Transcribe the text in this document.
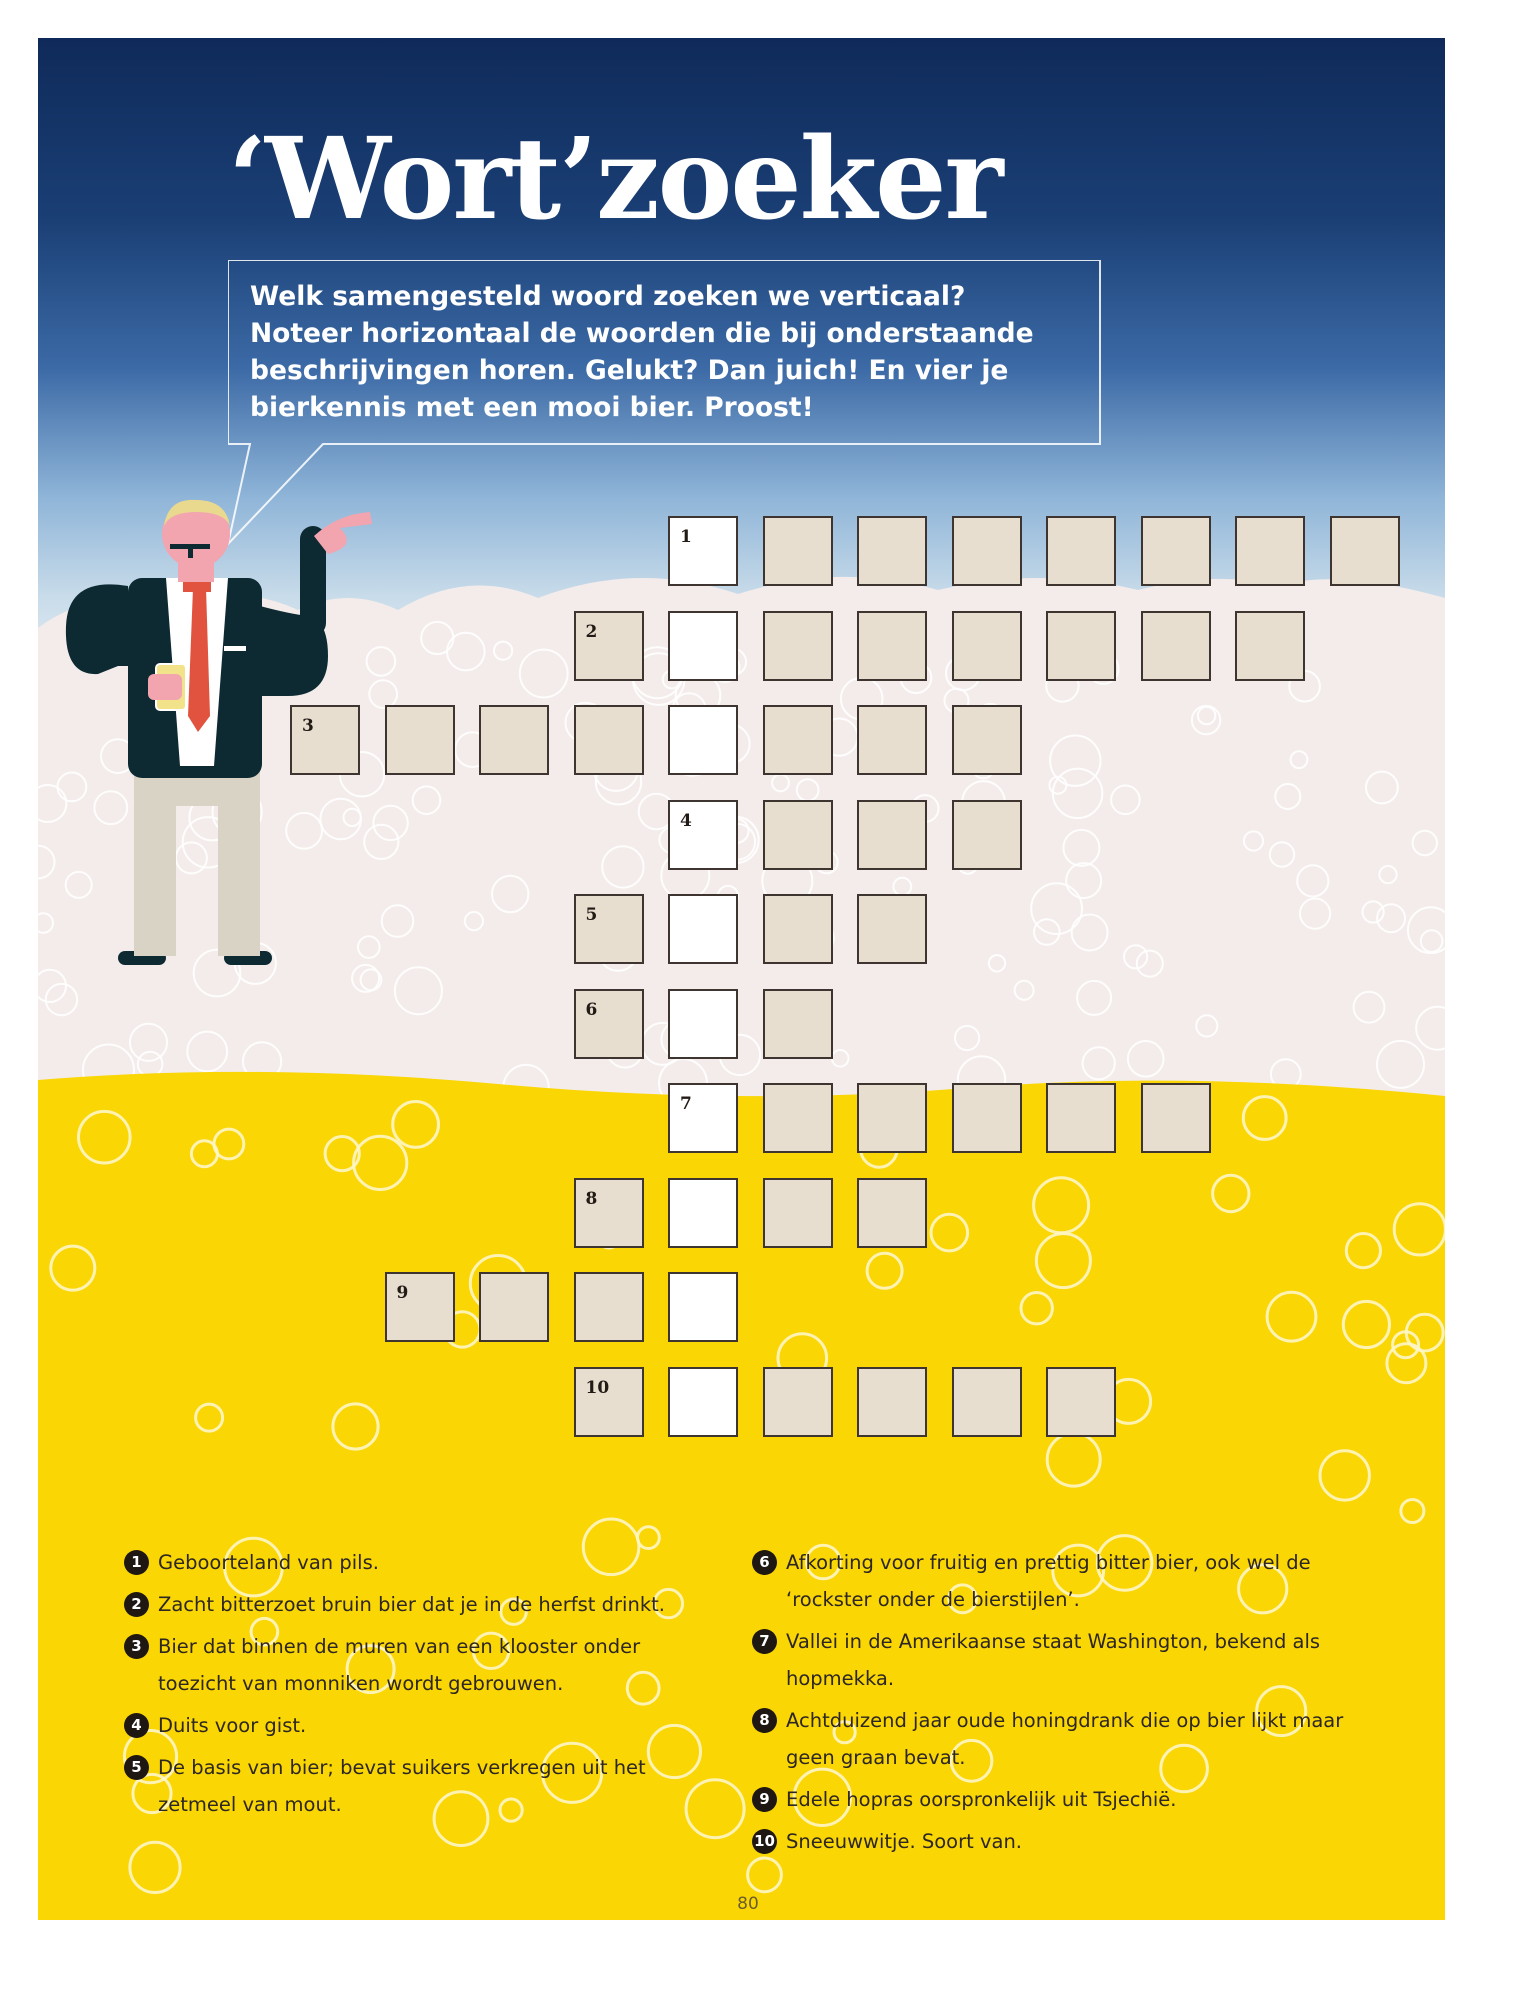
‘Wort’zoeker

Welk samengesteld woord zoeken we verticaal? Noteer horizontaal de woorden die bij onderstaande beschrijvingen horen. Gelukt? Dan juich! En vier je bierkennis met een mooi bier. Proost!

1
2
3
4
5
6
7
8
9
10
1 Geboorteland van pils.
2 Zacht bitterzoet bruin bier dat je in de herfst drinkt.
3 Bier dat binnen de muren van een klooster onder toezicht van monniken wordt gebrouwen.
4 Duits voor gist.
5 De basis van bier; bevat suikers verkregen uit het zetmeel van mout.
6 Afkorting voor fruitig en prettig bitter bier, ook wel de ‘rockster onder de bierstijlen’.
7 Vallei in de Amerikaanse staat Washington, bekend als hopmekka.
8 Achtduizend jaar oude honingdrank die op bier lijkt maar geen graan bevat.
9 Edele hopras oorspronkelijk uit Tsjechië.
10 Sneeuwwitje. Soort van.
80
